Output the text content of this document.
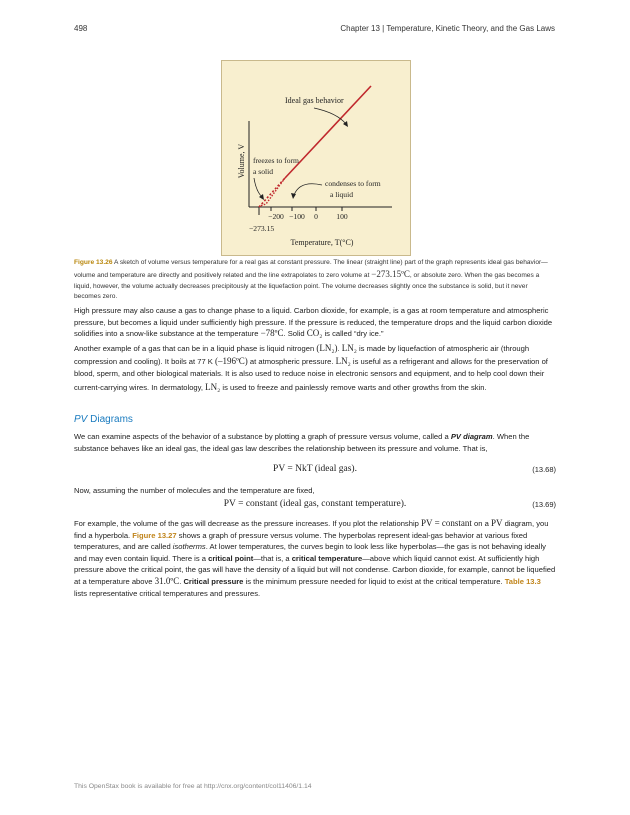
498	Chapter 13 | Temperature, Kinetic Theory, and the Gas Laws
Ideal gas behavior
freezes to form
a solid
condenses to form
a liquid
−200 −100 0 100
−273.15
Temperature, T(°C)
Volume, V
Figure 13.26 A sketch of volume versus temperature for a real gas at constant pressure. The linear (straight line) part of the graph represents ideal gas behavior—volume and temperature are directly and positively related and the line extrapolates to zero volume at −273.15ºC, or absolute zero. When the gas becomes a liquid, however, the volume actually decreases precipitously at the liquefaction point. The volume decreases slightly once the substance is solid, but it never becomes zero.
High pressure may also cause a gas to change phase to a liquid. Carbon dioxide, for example, is a gas at room temperature and atmospheric pressure, but becomes a liquid under sufficiently high pressure. If the pressure is reduced, the temperature drops and the liquid carbon dioxide solidifies into a snow-like substance at the temperature −78ºC. Solid CO₂ is called “dry ice.”
Another example of a gas that can be in a liquid phase is liquid nitrogen (LN₂). LN₂ is made by liquefaction of atmospheric air (through compression and cooling). It boils at 77 K (–196ºC) at atmospheric pressure. LN₂ is useful as a refrigerant and allows for the preservation of blood, sperm, and other biological materials. It is also used to reduce noise in electronic sensors and equipment, and to help cool down their current-carrying wires. In dermatology, LN₂ is used to freeze and painlessly remove warts and other growths from the skin.
PV Diagrams
We can examine aspects of the behavior of a substance by plotting a graph of pressure versus volume, called a PV diagram. When the substance behaves like an ideal gas, the ideal gas law describes the relationship between its pressure and volume. That is,
PV = NkT (ideal gas).	(13.68)
Now, assuming the number of molecules and the temperature are fixed,
PV = constant (ideal gas, constant temperature).	(13.69)
For example, the volume of the gas will decrease as the pressure increases. If you plot the relationship PV = constant on a PV diagram, you find a hyperbola. Figure 13.27 shows a graph of pressure versus volume. The hyperbolas represent ideal-gas behavior at various fixed temperatures, and are called isotherms. At lower temperatures, the curves begin to look less like hyperbolas—the gas is not behaving ideally and may even contain liquid. There is a critical point—that is, a critical temperature—above which liquid cannot exist. At sufficiently high pressure above the critical point, the gas will have the density of a liquid but will not condense. Carbon dioxide, for example, cannot be liquefied at a temperature above 31.0ºC. Critical pressure is the minimum pressure needed for liquid to exist at the critical temperature. Table 13.3 lists representative critical temperatures and pressures.
This OpenStax book is available for free at http://cnx.org/content/col11406/1.14
